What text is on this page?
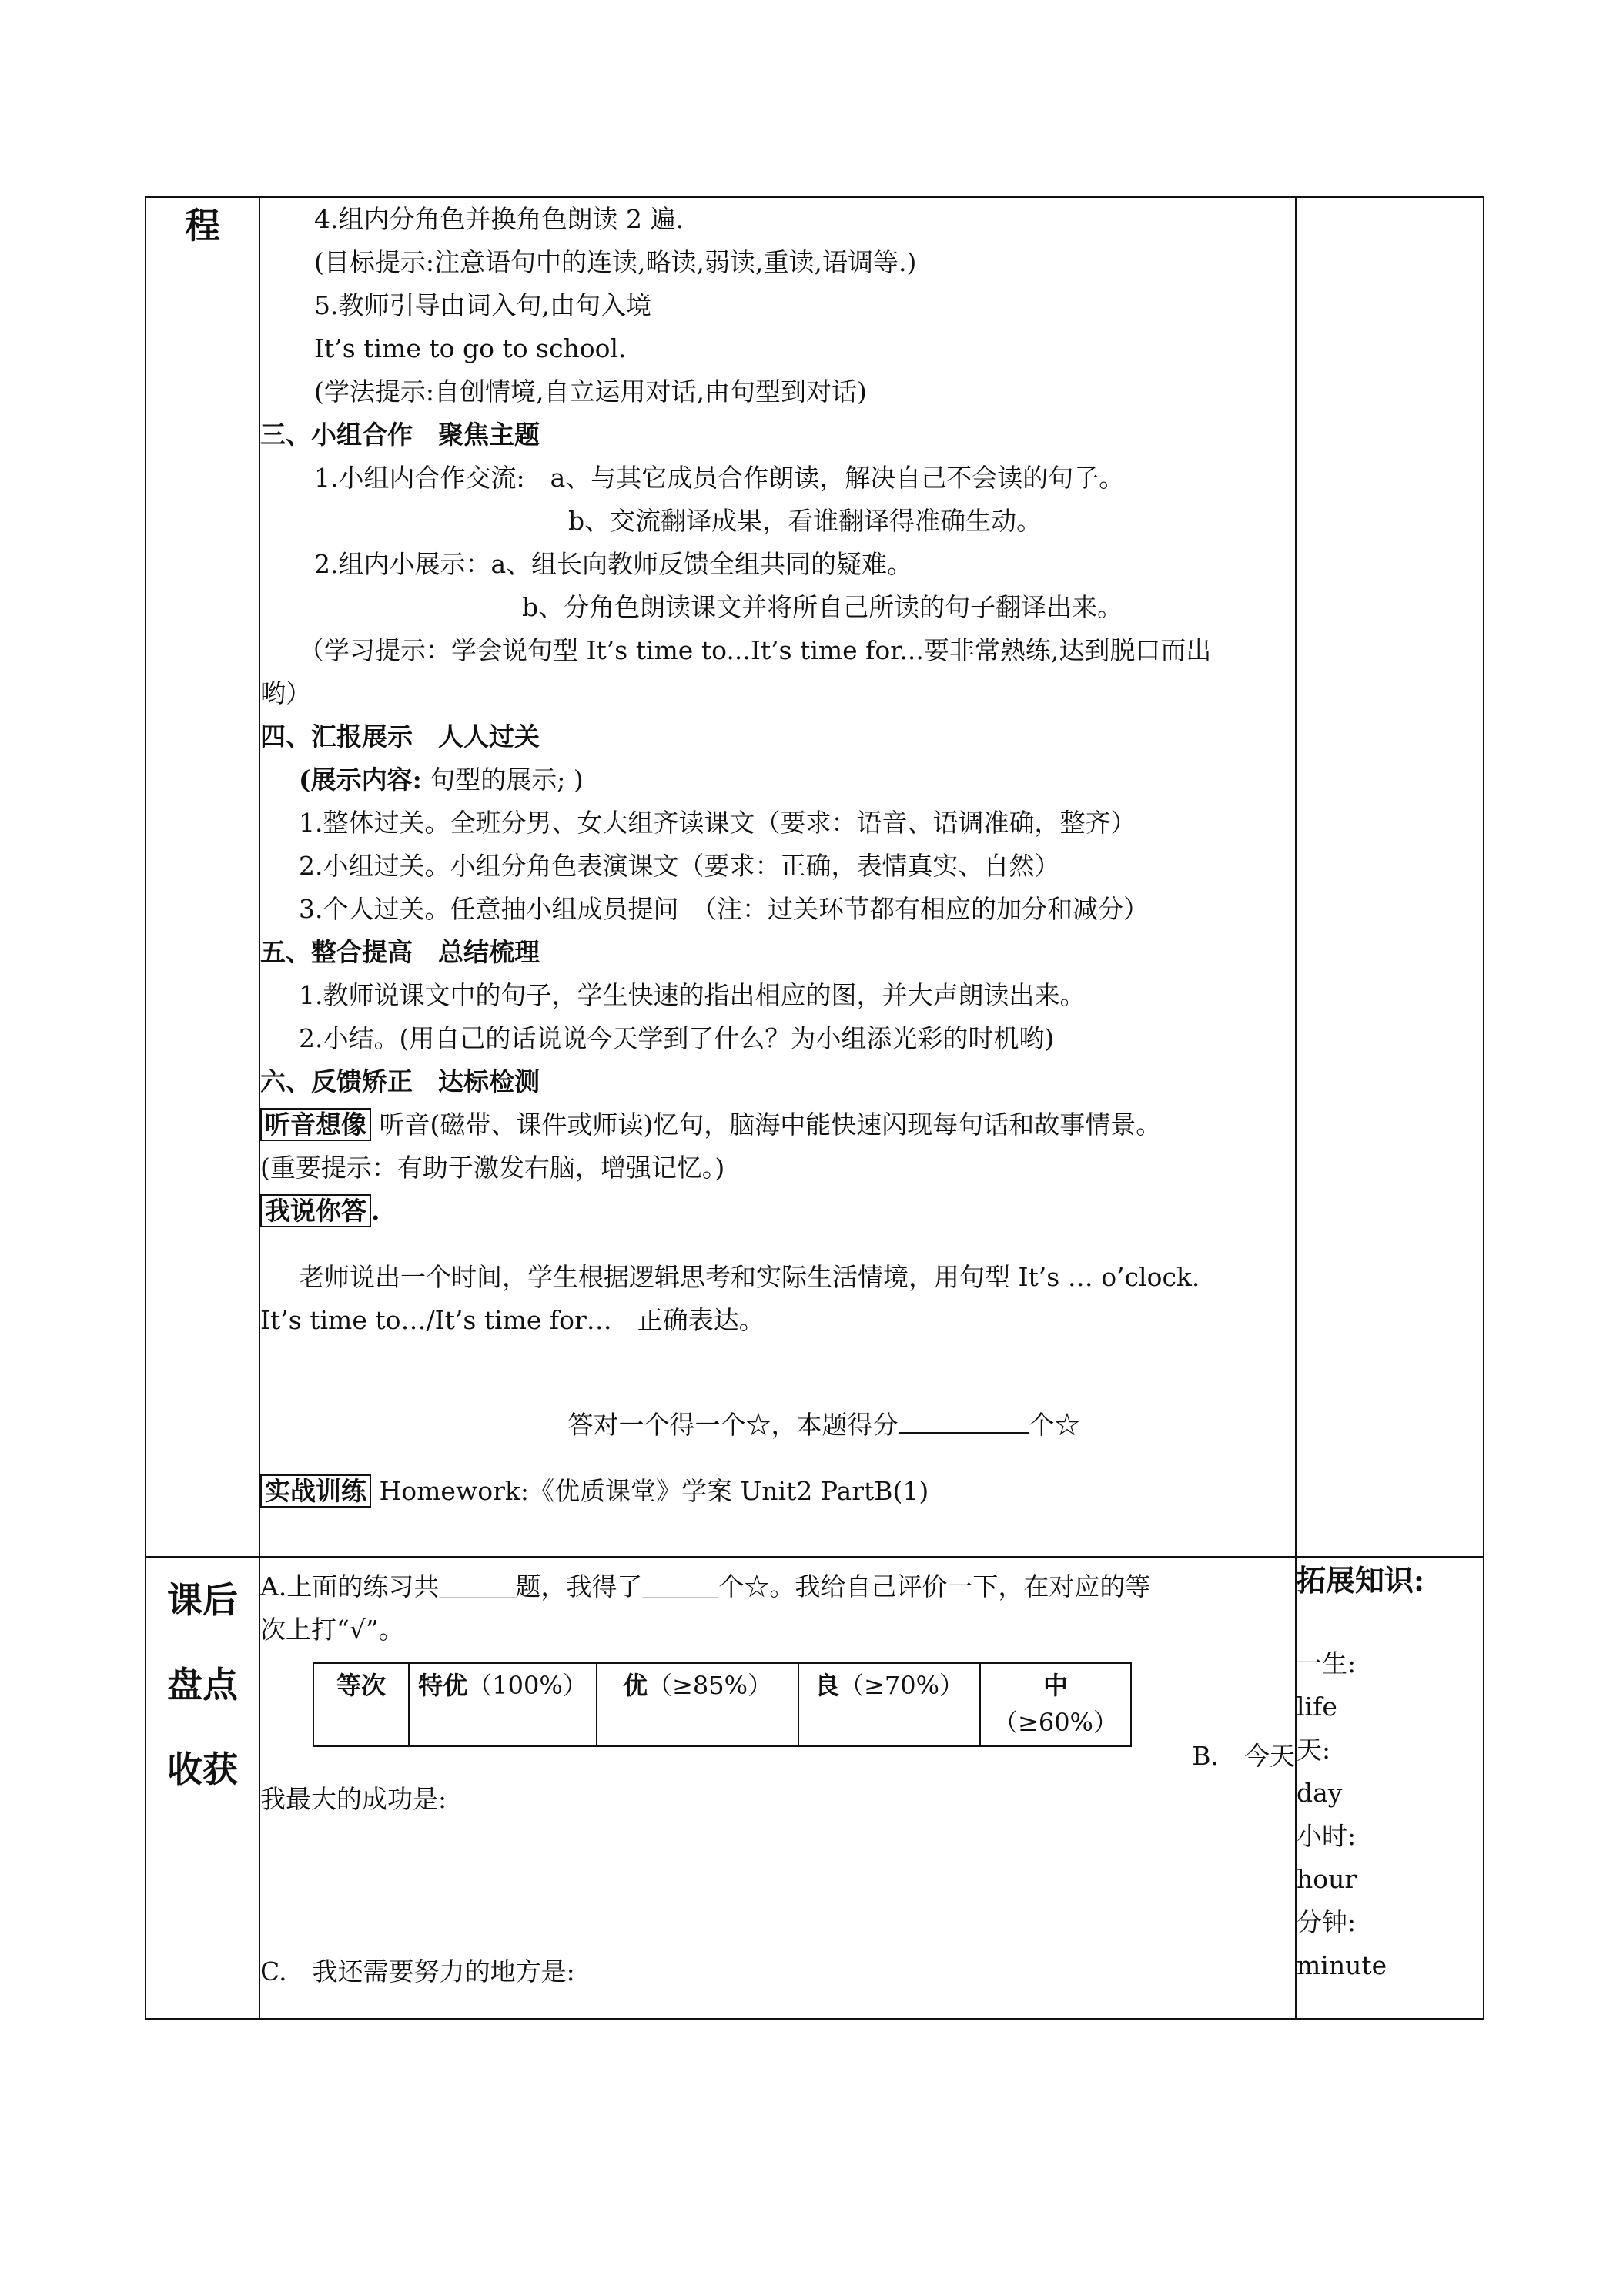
程	4.组内分角色并换角色朗读 2 遍.

(目标提示:注意语句中的连读,略读,弱读,重读,语调等.)

5.教师引导由词入句,由句入境

It’s time to go to school.

(学法提示:自创情境,自立运用对话,由句型到对话)

三、小组合作　聚焦主题

1.小组内合作交流:　a、与其它成员合作朗读，解决自己不会读的句子。

b、交流翻译成果，看谁翻译得准确生动。

2.组内小展示：a、组长向教师反馈全组共同的疑难。

b、分角色朗读课文并将所自己所读的句子翻译出来。

（学习提示：学会说句型 It’s time to...It’s time for...要非常熟练,达到脱口而出

哟）

四、汇报展示　人人过关

(展示内容: 句型的展示; )

1.整体过关。全班分男、女大组齐读课文（要求：语音、语调准确，整齐）

2.小组过关。小组分角色表演课文（要求：正确，表情真实、自然）

3.个人过关。任意抽小组成员提问　（注：过关环节都有相应的加分和减分）

五、整合提高　总结梳理

1.教师说课文中的句子，学生快速的指出相应的图，并大声朗读出来。

2.小结。(用自己的话说说今天学到了什么？为小组添光彩的时机哟)

六、反馈矫正　达标检测

听音想像 听音(磁带、课件或师读)忆句，脑海中能快速闪现每句话和故事情景。

(重要提示：有助于激发右脑，增强记忆。)

我说你答 .

老师说出一个时间，学生根据逻辑思考和实际生活情境，用句型 It’s … o’clock.

It’s time to…/It’s time for…　正确表达。

答对一个得一个☆，本题得分	个☆

实战训练 Homework:《优质课堂》学案 Unit2 PartB(1)

课后
盘点
收获

A.上面的练习共＿＿＿题，我得了＿＿＿个☆。我给自己评价一下，在对应的等

次上打“√”。

等次	特优（100%）	优（≥85%）	良（≥70%）	中
（≥60%）

B.　今天

我最大的成功是:

C.　我还需要努力的地方是:

拓展知识:

一生:

life

天:

day

小时:

hour

分钟:

minute
